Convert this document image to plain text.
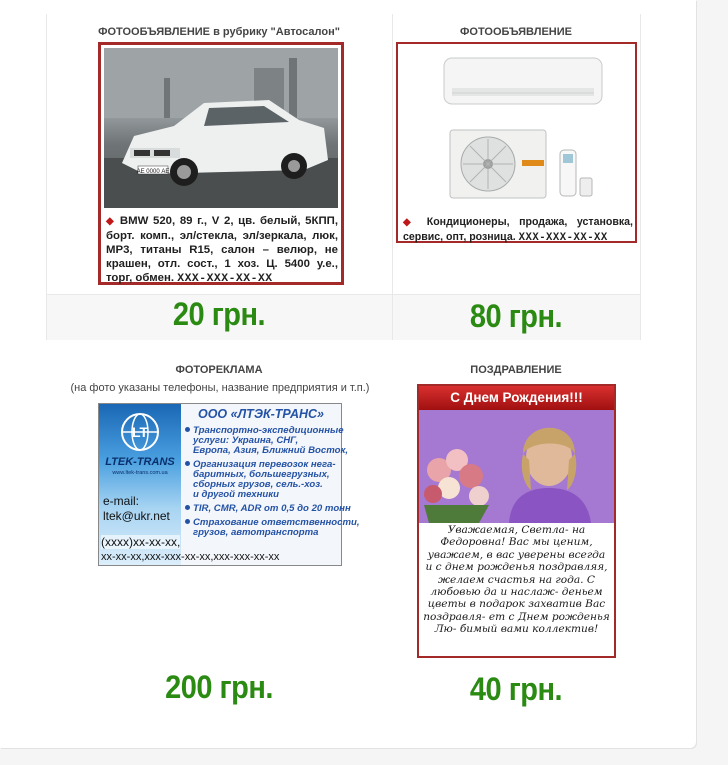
ФОТООБЪЯВЛЕНИЕ в рубрику "Автосалон"
АЕ 0000 АЕ
◆ BMW 520, 89 г., V 2, цв. белый, 5КПП, борт. комп., эл/стекла, эл/зеркала, люк, MP3, титаны R15, салон – велюр, не крашен, отл. сост., 1 хоз. Ц. 5400 у.е., торг, обмен. ХХХ-ХХХ-ХХ-ХХ
20 грн.
ФОТООБЪЯВЛЕНИЕ
◆ Кондиционеры, продажа, установка, сервис, опт, розница. ХХХ-ХХХ-ХХ-ХХ
80 грн.
ФОТОРЕКЛАМА
(на фото указаны телефоны, название предприятия и т.п.)
LT
LTEK-TRANS
www.ltek-trans.com.ua
e-mail:
ltek@ukr.net
ООО «ЛТЭК-ТРАНС»
Транспортно-экспедиционные
услуги: Украина, СНГ,
Европа, Азия, Ближний Восток,
Организация перевозок нега-
баритных, большегрузных,
сборных грузов, сель.-хоз.
и другой техники
TIR, CMR, ADR от 0,5 до 20 тонн
Страхование ответственности,
грузов, автотранспорта
(хххх)хх-хх-хх,
хх-хх-хх,ххх-ххх-хх-хх,ххх-ххх-хх-хх
200 грн.
ПОЗДРАВЛЕНИЕ
С Днем Рождения!!!
Уважаемая, Светла- на Федоровна! Вас мы ценим, уважаем, в вас уверены всегда и с днем рожденья поздравляя, желаем счастья на года. С любовью да и наслаж- деньем цветы в подарок захватив Вас поздравля- ет с Днем рожденья Лю- бимый вами коллектив!
40 грн.
